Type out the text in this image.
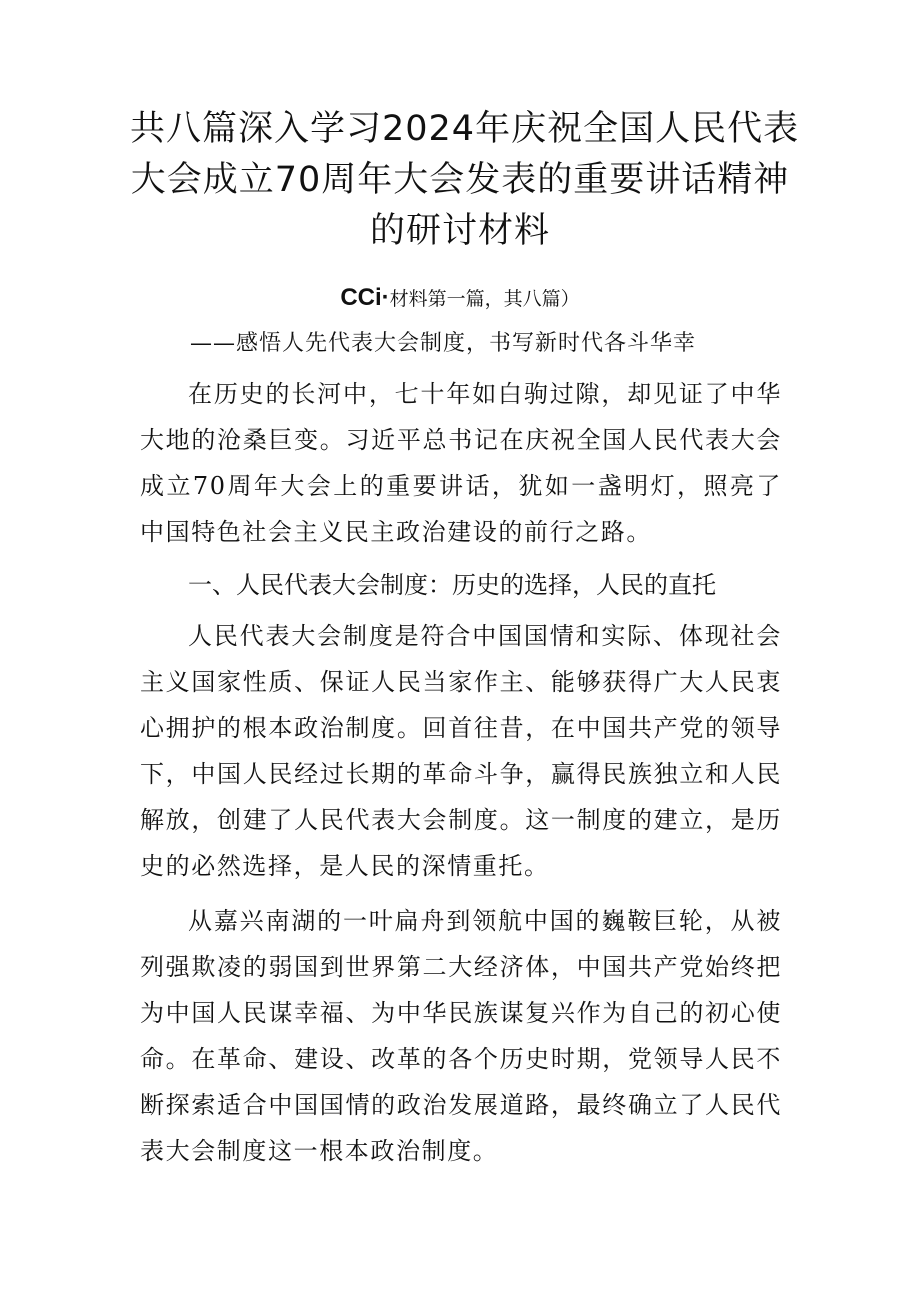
共八篇深入学习2024年庆祝全国人民代表
大会成立70周年大会发表的重要讲话精神
的研讨材料
CCi·材料第一篇，其八篇）
——感悟人先代表大会制度，书写新时代各斗华幸

在历史的长河中，七十年如白驹过隙，却见证了中华大地的沧桑巨变。习近平总书记在庆祝全国人民代表大会成立70周年大会上的重要讲话，犹如一盏明灯，照亮了中国特色社会主义民主政治建设的前行之路。

一、人民代表大会制度：历史的选择，人民的直托

人民代表大会制度是符合中国国情和实际、体现社会主义国家性质、保证人民当家作主、能够获得广大人民衷心拥护的根本政治制度。回首往昔，在中国共产党的领导下，中国人民经过长期的革命斗争，赢得民族独立和人民解放，创建了人民代表大会制度。这一制度的建立，是历史的必然选择，是人民的深情重托。

从嘉兴南湖的一叶扁舟到领航中国的巍鞍巨轮，从被列强欺凌的弱国到世界第二大经济体，中国共产党始终把为中国人民谋幸福、为中华民族谋复兴作为自己的初心使命。在革命、建设、改革的各个历史时期，党领导人民不断探索适合中国国情的政治发展道路，最终确立了人民代表大会制度这一根本政治制度。
